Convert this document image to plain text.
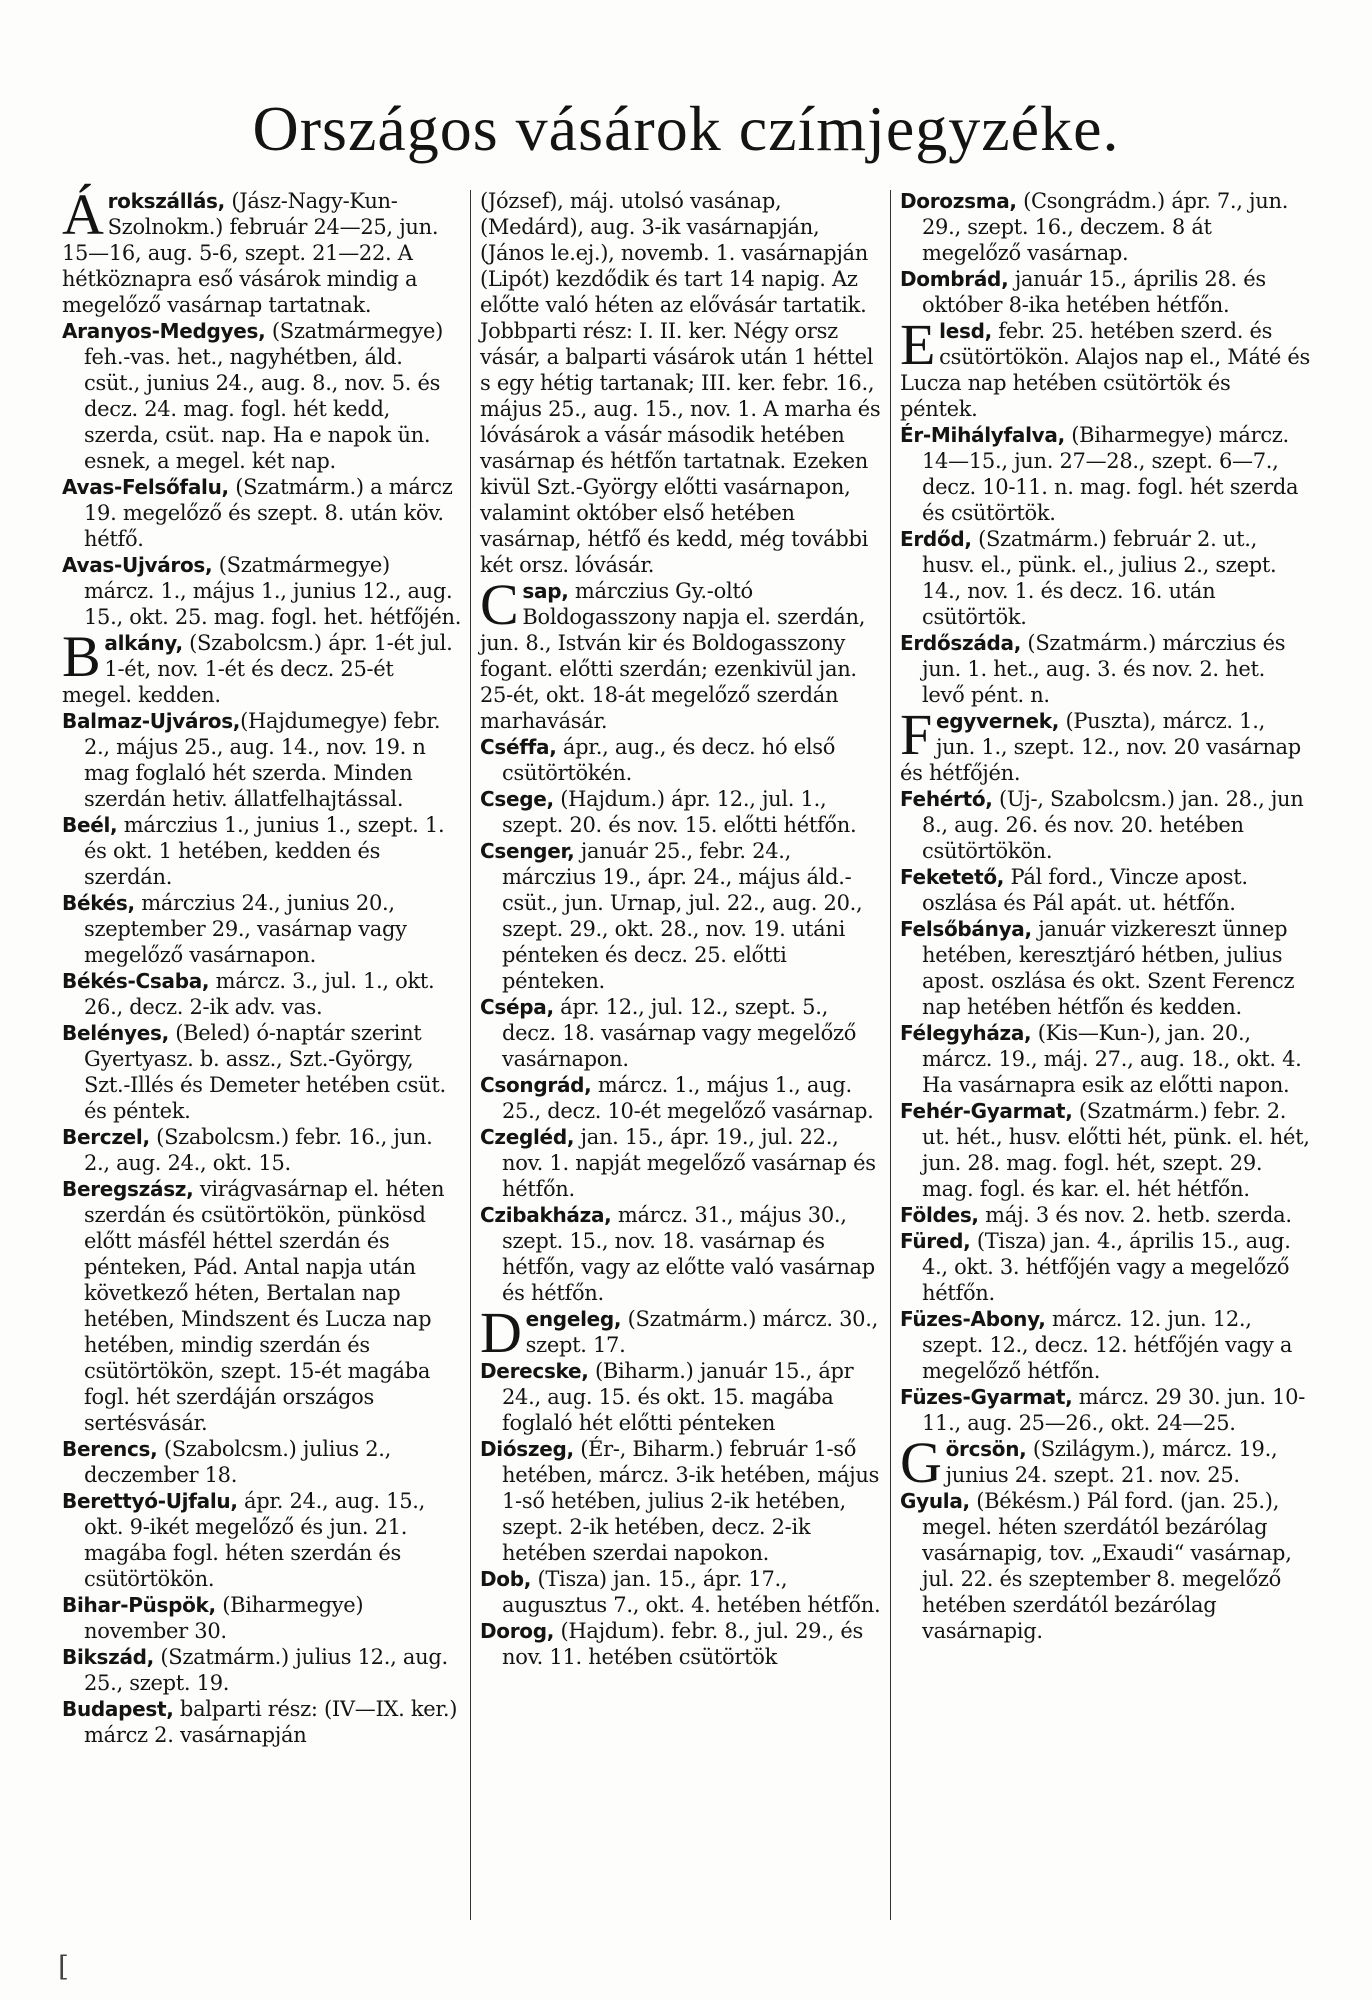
Országos vásárok czímjegyzéke.

Árokszállás, (Jász-Nagy-Kun-Szolnokm.) február 24—25, jun. 15—16, aug. 5-6, szept. 21—22. A hétköznapra eső vásárok mindig a megelőző vasárnap tartatnak.

Aranyos-Medgyes, (Szatmármegye) feh.-vas. het., nagyhétben, áld. csüt., junius 24., aug. 8., nov. 5. és decz. 24. mag. fogl. hét kedd, szerda, csüt. nap. Ha e napok ün. esnek, a megel. két nap.

Avas-Felsőfalu, (Szatmárm.) a márcz 19. megelőző és szept. 8. után köv. hétfő.

Avas-Ujváros, (Szatmármegye) márcz. 1., május 1., junius 12., aug. 15., okt. 25. mag. fogl. het. hétfőjén.

Balkány, (Szabolcsm.) ápr. 1-ét jul. 1-ét, nov. 1-ét és decz. 25-ét megel. kedden.

Balmaz-Ujváros,(Hajdumegye) febr. 2., május 25., aug. 14., nov. 19. n mag foglaló hét szerda. Minden szerdán hetiv. állatfelhajtással.

Beél, márczius 1., junius 1., szept. 1. és okt. 1 hetében, kedden és szerdán.

Békés, márczius 24., junius 20., szeptember 29., vasárnap vagy megelőző vasárnapon.

Békés-Csaba, márcz. 3., jul. 1., okt. 26., decz. 2-ik adv. vas.

Belényes, (Beled) ó-naptár szerint Gyertyasz. b. assz., Szt.-György, Szt.-Illés és Demeter hetében csüt. és péntek.

Berczel, (Szabolcsm.) febr. 16., jun. 2., aug. 24., okt. 15.

Beregszász, virágvasárnap el. héten szerdán és csütörtökön, pünkösd előtt másfél héttel szerdán és pénteken, Pád. Antal napja után következő héten, Bertalan nap hetében, Mindszent és Lucza nap hetében, mindig szerdán és csütörtökön, szept. 15-ét magába fogl. hét szerdáján országos sertésvásár.

Berencs, (Szabolcsm.) julius 2., deczember 18.

Berettyó-Ujfalu, ápr. 24., aug. 15., okt. 9-ikét megelőző és jun. 21. magába fogl. héten szerdán és csütörtökön.

Bihar-Püspök, (Biharmegye) november 30.

Bikszád, (Szatmárm.) julius 12., aug. 25., szept. 19.

Budapest, balparti rész: (IV—IX. ker.) márcz 2. vasárnapján

(József), máj. utolsó vasánap, (Medárd), aug. 3-ik vasárnapján, (János le.ej.), novemb. 1. vasárnapján (Lipót) kezdődik és tart 14 napig. Az előtte való héten az elővásár tartatik. Jobbparti rész: I. II. ker. Négy orsz vásár, a balparti vásárok után 1 héttel s egy hétig tartanak; III. ker. febr. 16., május 25., aug. 15., nov. 1. A marha és lóvásárok a vásár második hetében vasárnap és hétfőn tartatnak. Ezeken kivül Szt.-György előtti vasárnapon, valamint október első hetében vasárnap, hétfő és kedd, még további két orsz. lóvásár.

Csap, márczius Gy.-oltó Boldogasszony napja el. szerdán, jun. 8., István kir és Boldogasszony fogant. előtti szerdán; ezenkivül jan. 25-ét, okt. 18-át megelőző szerdán marhavásár.

Cséffa, ápr., aug., és decz. hó első csütörtökén.

Csege, (Hajdum.) ápr. 12., jul. 1., szept. 20. és nov. 15. előtti hétfőn.

Csenger, január 25., febr. 24., márczius 19., ápr. 24., május áld.-csüt., jun. Urnap, jul. 22., aug. 20., szept. 29., okt. 28., nov. 19. utáni pénteken és decz. 25. előtti pénteken.

Csépa, ápr. 12., jul. 12., szept. 5., decz. 18. vasárnap vagy megelőző vasárnapon.

Csongrád, márcz. 1., május 1., aug. 25., decz. 10-ét megelőző vasárnap.

Czegléd, jan. 15., ápr. 19., jul. 22., nov. 1. napját megelőző vasárnap és hétfőn.

Czibakháza, márcz. 31., május 30., szept. 15., nov. 18. vasárnap és hétfőn, vagy az előtte való vasárnap és hétfőn.

Dengeleg, (Szatmárm.) márcz. 30., szept. 17.

Derecske, (Biharm.) január 15., ápr 24., aug. 15. és okt. 15. magába foglaló hét előtti pénteken

Diószeg, (Ér-, Biharm.) február 1-ső hetében, márcz. 3-ik hetében, május 1-ső hetében, julius 2-ik hetében, szept. 2-ik hetében, decz. 2-ik hetében szerdai napokon.

Dob, (Tisza) jan. 15., ápr. 17., augusztus 7., okt. 4. hetében hétfőn.

Dorog, (Hajdum). febr. 8., jul. 29., és nov. 11. hetében csütörtök

Dorozsma, (Csongrádm.) ápr. 7., jun. 29., szept. 16., deczem. 8 át megelőző vasárnap.

Dombrád, január 15., április 28. és október 8-ika hetében hétfőn.

Elesd, febr. 25. hetében szerd. és csütörtökön. Alajos nap el., Máté és Lucza nap hetében csütörtök és péntek.

Ér-Mihályfalva, (Biharmegye) márcz. 14—15., jun. 27—28., szept. 6—7., decz. 10-11. n. mag. fogl. hét szerda és csütörtök.

Erdőd, (Szatmárm.) február 2. ut., husv. el., pünk. el., julius 2., szept. 14., nov. 1. és decz. 16. után csütörtök.

Erdőszáda, (Szatmárm.) márczius és jun. 1. het., aug. 3. és nov. 2. het. levő pént. n.

Fegyvernek, (Puszta), márcz. 1., jun. 1., szept. 12., nov. 20 vasárnap és hétfőjén.

Fehértó, (Uj-, Szabolcsm.) jan. 28., jun 8., aug. 26. és nov. 20. hetében csütörtökön.

Feketető, Pál ford., Vincze apost. oszlása és Pál apát. ut. hétfőn.

Felsőbánya, január vizkereszt ünnep hetében, keresztjáró hétben, julius apost. oszlása és okt. Szent Ferencz nap hetében hétfőn és kedden.

Félegyháza, (Kis—Kun-), jan. 20., márcz. 19., máj. 27., aug. 18., okt. 4. Ha vasárnapra esik az előtti napon.

Fehér-Gyarmat, (Szatmárm.) febr. 2. ut. hét., husv. előtti hét, pünk. el. hét, jun. 28. mag. fogl. hét, szept. 29. mag. fogl. és kar. el. hét hétfőn.

Földes, máj. 3 és nov. 2. hetb. szerda.

Füred, (Tisza) jan. 4., április 15., aug. 4., okt. 3. hétfőjén vagy a megelőző hétfőn.

Füzes-Abony, márcz. 12. jun. 12., szept. 12., decz. 12. hétfőjén vagy a megelőző hétfőn.

Füzes-Gyarmat, márcz. 29 30. jun. 10-11., aug. 25—26., okt. 24—25.

Görcsön, (Szilágym.), márcz. 19., junius 24. szept. 21. nov. 25.

Gyula, (Békésm.) Pál ford. (jan. 25.), megel. héten szerdától bezárólag vasárnapig, tov. „Exaudi“ vasárnap, jul. 22. és szeptember 8. megelőző hetében szerdától bezárólag vasárnapig.

[
